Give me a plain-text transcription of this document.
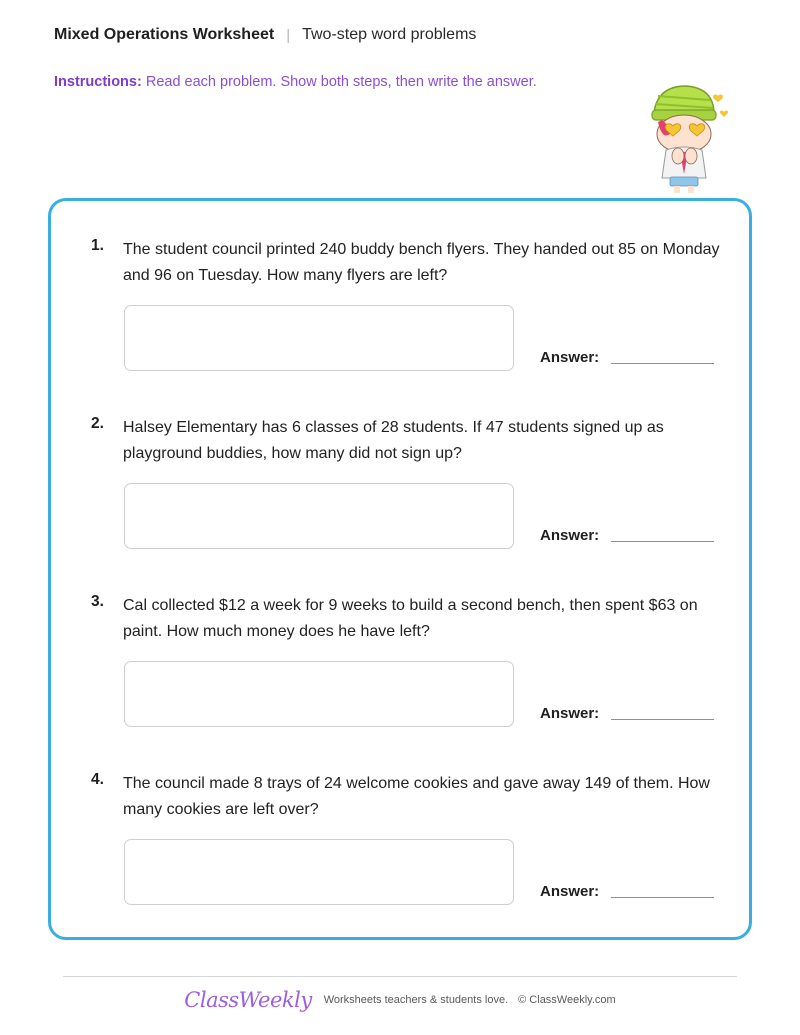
Mixed Operations Worksheet | Two-step word problems
Instructions: Read each problem. Show both steps, then write the answer.
1. The student council printed 240 buddy bench flyers. They handed out 85 on Monday and 96 on Tuesday. How many flyers are left?
Answer:
2. Halsey Elementary has 6 classes of 28 students. If 47 students signed up as playground buddies, how many did not sign up?
Answer:
3. Cal collected $12 a week for 9 weeks to build a second bench, then spent $63 on paint. How much money does he have left?
Answer:
4. The council made 8 trays of 24 welcome cookies and gave away 149 of them. How many cookies are left over?
Answer:
ClassWeekly Worksheets teachers & students love. © ClassWeekly.com
